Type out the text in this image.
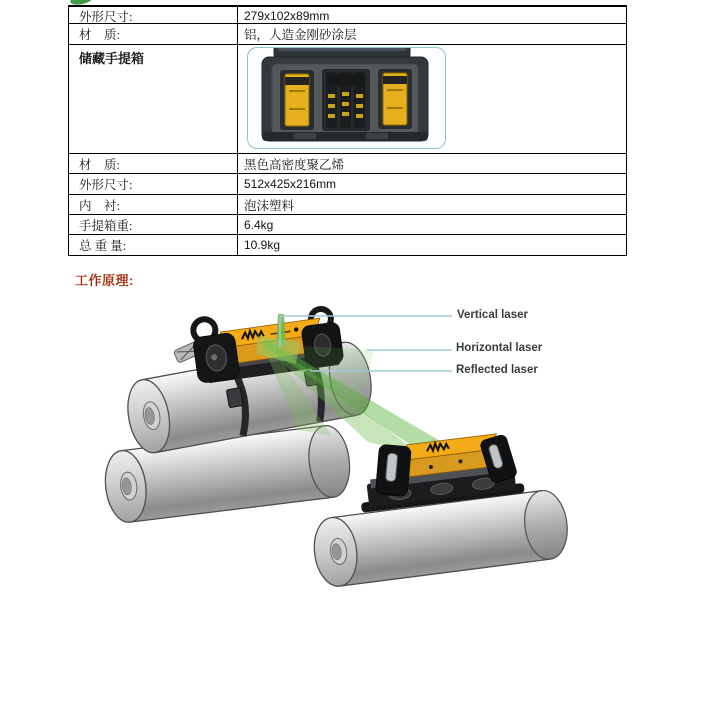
外形尺寸:	279x102x89mm
材    质:	铝，人造金刚砂涂层
储藏手提箱
材    质:	黑色高密度聚乙烯
外形尺寸:	512x425x216mm
内    衬:	泡沫塑料
手提箱重:	6.4kg
总 重 量:	10.9kg
工作原理:
Vertical laser
Horizontal laser
Reflected laser
